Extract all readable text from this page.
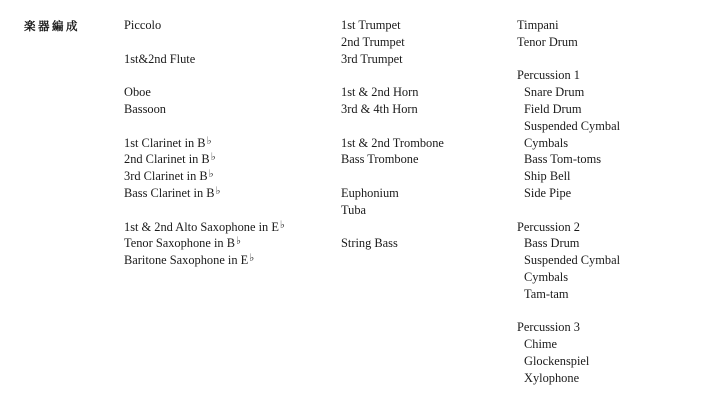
楽器編成	Piccolo
1st&2nd Flute
Oboe
Bassoon
1st Clarinet in B♭
2nd Clarinet in B♭
3rd Clarinet in B♭
Bass Clarinet in B♭
1st & 2nd Alto Saxophone in E♭
Tenor Saxophone in B♭
Baritone Saxophone in E♭
1st Trumpet
2nd Trumpet
3rd Trumpet
1st & 2nd Horn
3rd & 4th Horn
1st & 2nd Trombone
Bass Trombone
Euphonium
Tuba
String Bass
Timpani
Tenor Drum
Percussion 1
Snare Drum
Field Drum
Suspended Cymbal
Cymbals
Bass Tom-toms
Ship Bell
Side Pipe
Percussion 2
Bass Drum
Suspended Cymbal
Cymbals
Tam-tam
Percussion 3
Chime
Glockenspiel
Xylophone
